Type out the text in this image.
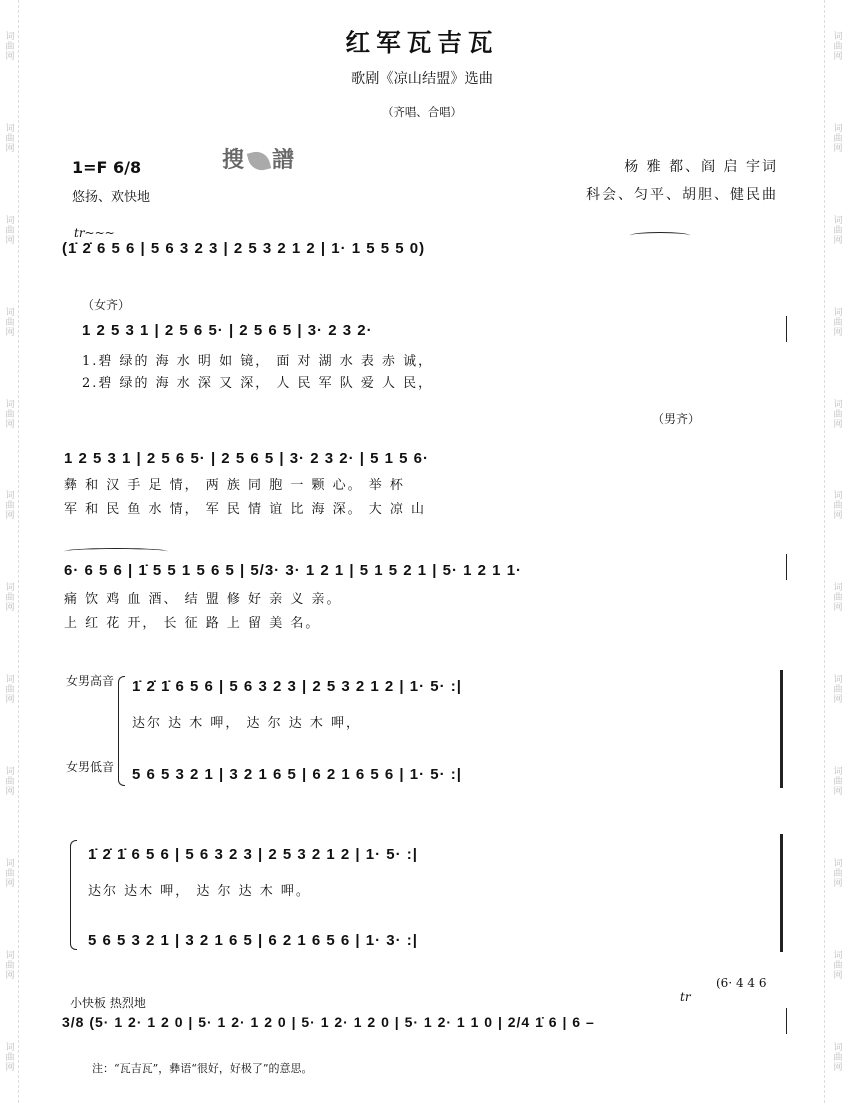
词曲网
词曲网
词曲网
词曲网
词曲网
词曲网
词曲网
词曲网
词曲网
词曲网
词曲网
词曲网
词曲网
词曲网
词曲网
词曲网
词曲网
词曲网
词曲网
词曲网
词曲网
词曲网
词曲网
词曲网
红军瓦吉瓦
歌剧《凉山结盟》选曲
（齐唱、合唱）
搜 譜
1=F 6/8
悠扬、欢快地
杨 雅 都、阎 启 宇词
科会、匀平、胡胆、健民曲
tr~~~
(1̇ 2̇ 6 5 6 | 5 6 3 2 3 | 2 5 3 2 1 2 | 1· 1 5 5 5 0)
（女齐）
1 2 5 3 1 | 2 5 6 5· | 2 5 6 5 | 3· 2 3 2·
1.碧 绿的 海 水 明 如 镜， 面 对 湖 水 表 赤 诚，
2.碧 绿的 海 水 深 又 深， 人 民 军 队 爱 人 民，
（男齐）
1 2 5 3 1 | 2 5 6 5· | 2 5 6 5 | 3· 2 3 2· | 5 1 5 6·
彝 和 汉 手 足 情， 两 族 同 胞 一 颗 心。 举 杯
军 和 民 鱼 水 情， 军 民 情 谊 比 海 深。 大 凉 山
6· 6 5 6 | 1̇ 5 5 1 5 6 5 | 5/3· 3· 1 2 1 | 5 1 5 2 1 | 5· 1 2 1 1·
痛 饮 鸡 血 酒、 结 盟 修 好 亲 义 亲。
上 红 花 开， 长 征 路 上 留 美 名。
女男高音
女男低音
1̇ 2̇ 1̇ 6 5 6 | 5 6 3 2 3 | 2 5 3 2 1 2 | 1· 5· :|
达尔 达 木 呷， 达 尔 达 木 呷，
5 6 5 3 2 1 | 3 2 1 6 5 | 6 2 1 6 5 6 | 1· 5· :|
1̇ 2̇ 1̇ 6 5 6 | 5 6 3 2 3 | 2 5 3 2 1 2 | 1· 5· :|
达尔 达木 呷， 达 尔 达 木 呷。
5 6 5 3 2 1 | 3 2 1 6 5 | 6 2 1 6 5 6 | 1· 3· :|
(6· 4 4 6
小快板 热烈地	tr
3/8 (5· 1 2· 1 2 0 | 5· 1 2· 1 2 0 | 5· 1 2· 1 2 0 | 5· 1 2· 1 1 0 | 2/4 1̇ 6 | 6 –
注：“瓦吉瓦”，彝语“很好，好极了”的意思。
